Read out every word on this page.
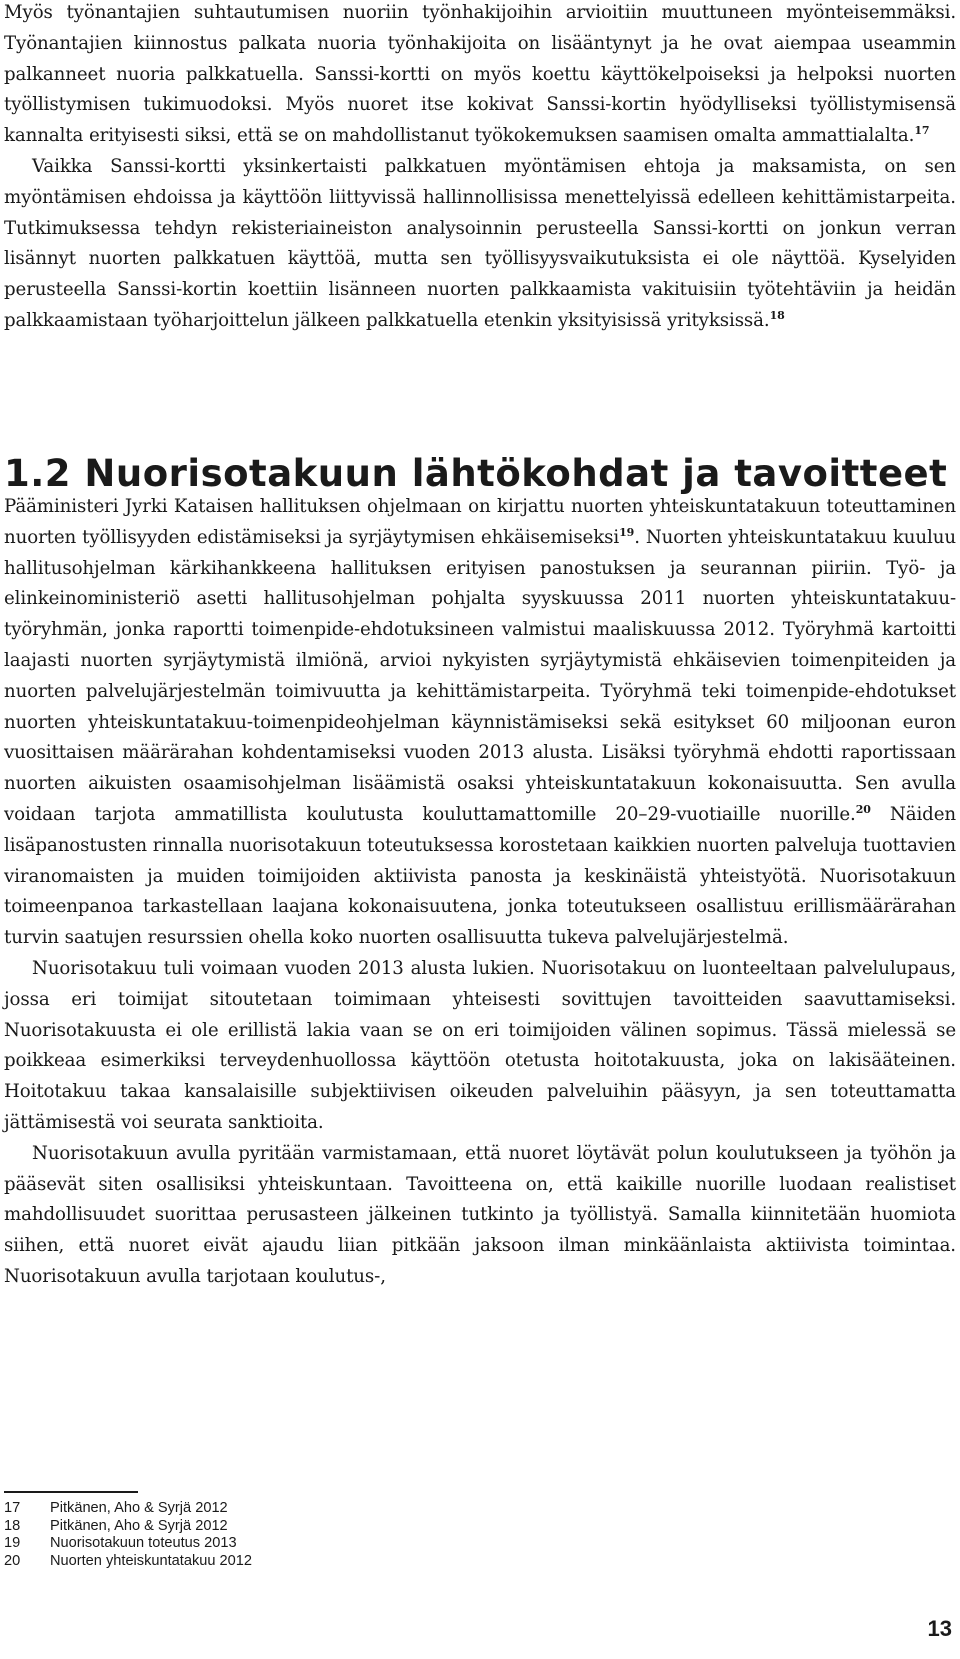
Myös työnantajien suhtautumisen nuoriin työnhakijoihin arvioitiin muuttuneen myönteisemmäksi. Työnantajien kiinnostus palkata nuoria työnhakijoita on lisääntynyt ja he ovat aiempaa useammin palkanneet nuoria palkkatuella. Sanssi-kortti on myös koettu käyttökelpoiseksi ja helpoksi nuorten työllistymisen tukimuodoksi. Myös nuoret itse kokivat Sanssi-kortin hyödylliseksi työllistymisensä kannalta erityisesti siksi, että se on mahdollistanut työkokemuksen saamisen omalta ammattialalta.$^{17}$

Vaikka Sanssi-kortti yksinkertaisti palkkatuen myöntämisen ehtoja ja maksamista, on sen myöntämisen ehdoissa ja käyttöön liittyvissä hallinnollisissa menettelyissä edelleen kehittämistarpeita. Tutkimuksessa tehdyn rekisteriaineiston analysoinnin perusteella Sanssi-kortti on jonkun verran lisännyt nuorten palkkatuen käyttöä, mutta sen työllisyysvaikutuksista ei ole näyttöä. Kyselyiden perusteella Sanssi-kortin koettiin lisänneen nuorten palkkaamista vakituisiin työtehtäviin ja heidän palkkaamistaan työharjoittelun jälkeen palkkatuella etenkin yksityisissä yrityksissä.$^{18}$

1.2 Nuorisotakuun lähtökohdat ja tavoitteet

Pääministeri Jyrki Kataisen hallituksen ohjelmaan on kirjattu nuorten yhteiskuntatakuun toteuttaminen nuorten työllisyyden edistämiseksi ja syrjäytymisen ehkäisemiseksi$^{19}$. Nuorten yhteiskuntatakuu kuuluu hallitusohjelman kärkihankkeena hallituksen erityisen panostuksen ja seurannan piiriin. Työ- ja elinkeinoministeriö asetti hallitusohjelman pohjalta syyskuussa 2011 nuorten yhteiskuntatakuu-työryhmän, jonka raportti toimenpide-ehdotuksineen valmistui maaliskuussa 2012. Työryhmä kartoitti laajasti nuorten syrjäytymistä ilmiönä, arvioi nykyisten syrjäytymistä ehkäisevien toimenpiteiden ja nuorten palvelujärjestelmän toimivuutta ja kehittämistarpeita. Työryhmä teki toimenpide-ehdotukset nuorten yhteiskuntatakuu-toimenpideohjelman käynnistämiseksi sekä esitykset 60 miljoonan euron vuosittaisen määrärahan kohdentamiseksi vuoden 2013 alusta. Lisäksi työryhmä ehdotti raportissaan nuorten aikuisten osaamisohjelman lisäämistä osaksi yhteiskuntatakuun kokonaisuutta. Sen avulla voidaan tarjota ammatillista koulutusta kouluttamattomille 20–29-vuotiaille nuorille.$^{20}$ Näiden lisäpanostusten rinnalla nuorisotakuun toteutuksessa korostetaan kaikkien nuorten palveluja tuottavien viranomaisten ja muiden toimijoiden aktiivista panosta ja keskinäistä yhteistyötä. Nuorisotakuun toimeenpanoa tarkastellaan laajana kokonaisuutena, jonka toteutukseen osallistuu erillismäärärahan turvin saatujen resurssien ohella koko nuorten osallisuutta tukeva palvelujärjestelmä.

Nuorisotakuu tuli voimaan vuoden 2013 alusta lukien. Nuorisotakuu on luonteeltaan palvelulupaus, jossa eri toimijat sitoutetaan toimimaan yhteisesti sovittujen tavoitteiden saavuttamiseksi. Nuorisotakuusta ei ole erillistä lakia vaan se on eri toimijoiden välinen sopimus. Tässä mielessä se poikkeaa esimerkiksi terveydenhuollossa käyttöön otetusta hoitotakuusta, joka on lakisääteinen. Hoitotakuu takaa kansalaisille subjektiivisen oikeuden palveluihin pääsyyn, ja sen toteuttamatta jättämisestä voi seurata sanktioita.

Nuorisotakuun avulla pyritään varmistamaan, että nuoret löytävät polun koulutukseen ja työhön ja pääsevät siten osallisiksi yhteiskuntaan. Tavoitteena on, että kaikille nuorille luodaan realistiset mahdollisuudet suorittaa perusasteen jälkeinen tutkinto ja työllistyä. Samalla kiinnitetään huomiota siihen, että nuoret eivät ajaudu liian pitkään jaksoon ilman minkäänlaista aktiivista toimintaa. Nuorisotakuun avulla tarjotaan koulutus-,

17	Pitkänen, Aho & Syrjä 2012
18	Pitkänen, Aho & Syrjä 2012
19	Nuorisotakuun toteutus 2013
20	Nuorten yhteiskuntatakuu 2012
13
